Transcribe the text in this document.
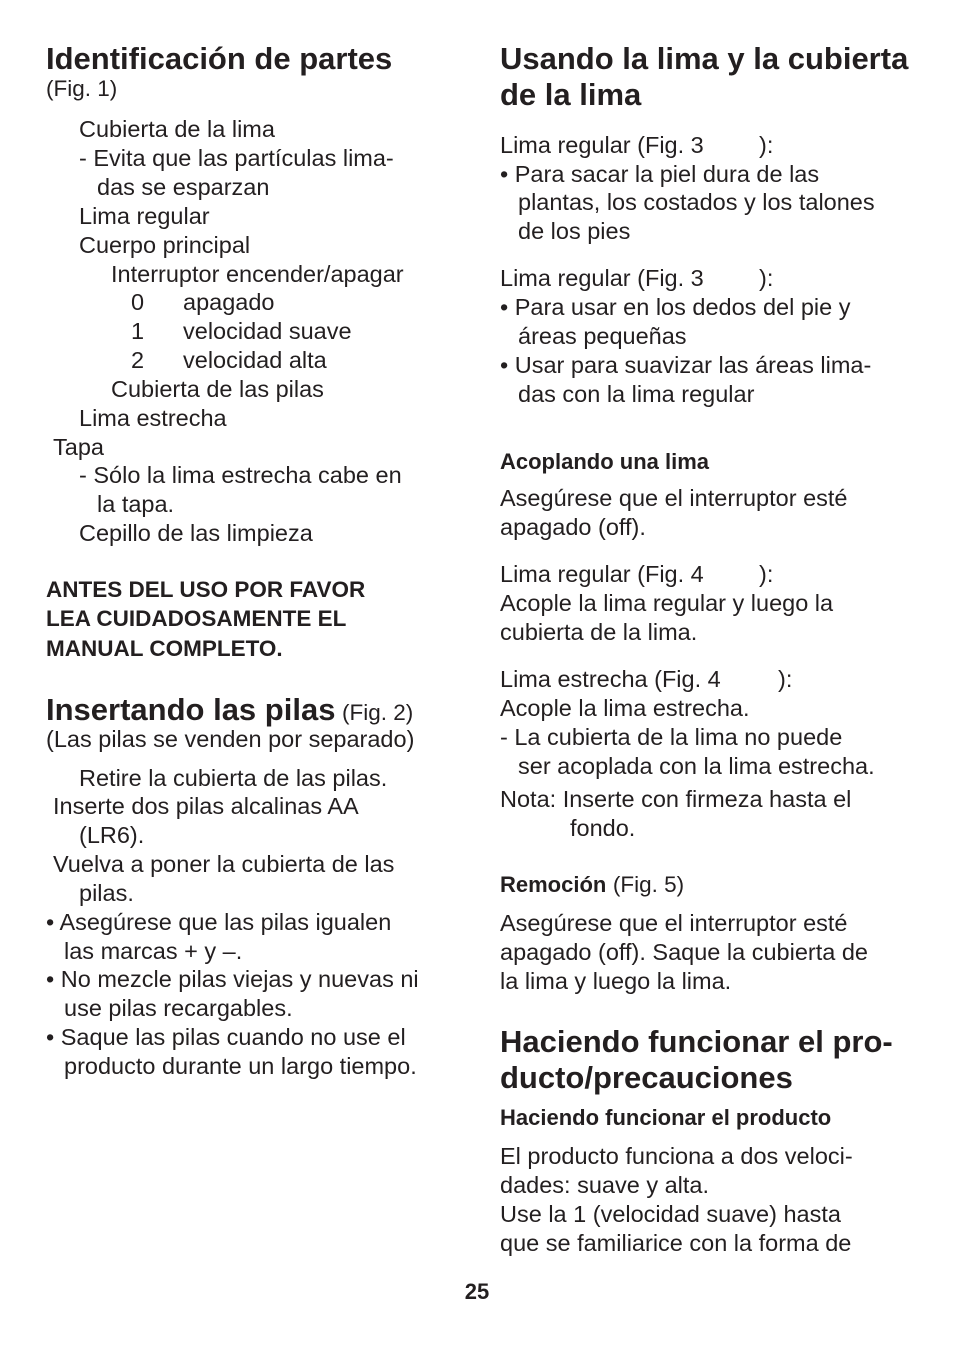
Identificación de partes
(Fig. 1)
Cubierta de la lima
- Evita que las partículas lima-
das se esparzan
Lima regular
Cuerpo principal
Interruptor encender/apagar
0 apagado
1 velocidad suave
2 velocidad alta
Cubierta de las pilas
Lima estrecha
Tapa
- Sólo la lima estrecha cabe en
la tapa.
Cepillo de las limpieza
ANTES DEL USO POR FAVOR
LEA CUIDADOSAMENTE EL
MANUAL COMPLETO.
Insertando las pilas (Fig. 2)
(Las pilas se venden por separado)
Retire la cubierta de las pilas.
Inserte dos pilas alcalinas AA
(LR6).
Vuelva a poner la cubierta de las
pilas.
• Asegúrese que las pilas igualen
las marcas + y –.
• No mezcle pilas viejas y nuevas ni
use pilas recargables.
• Saque las pilas cuando no use el
producto durante un largo tiempo.
Usando la lima y la cubierta
de la lima
Lima regular (Fig. 3 ):
• Para sacar la piel dura de las
plantas, los costados y los talones
de los pies
Lima regular (Fig. 3 ):
• Para usar en los dedos del pie y
áreas pequeñas
• Usar para suavizar las áreas lima-
das con la lima regular
Acoplando una lima
Asegúrese que el interruptor esté
apagado (off).
Lima regular (Fig. 4 ):
Acople la lima regular y luego la
cubierta de la lima.
Lima estrecha (Fig. 4 ):
Acople la lima estrecha.
- La cubierta de la lima no puede
ser acoplada con la lima estrecha.
Nota: Inserte con firmeza hasta el
fondo.
Remoción (Fig. 5)
Asegúrese que el interruptor esté
apagado (off). Saque la cubierta de
la lima y luego la lima.
Haciendo funcionar el pro-
ducto/precauciones
Haciendo funcionar el producto
El producto funciona a dos veloci-
dades: suave y alta.
Use la 1 (velocidad suave) hasta
que se familiarice con la forma de
25
